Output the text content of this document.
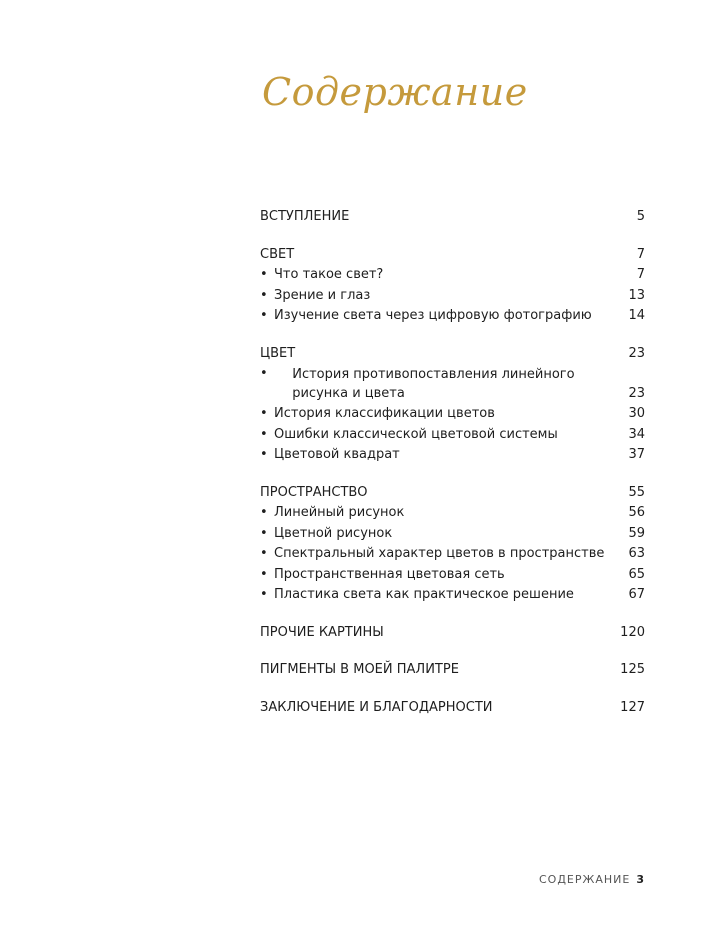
Содержание
ВСТУПЛЕНИЕ	5
СВЕТ	7
• Что такое свет?	7
• Зрение и глаз	13
• Изучение света через цифровую фотографию	14
ЦВЕТ	23
•	История противопоставления линейного рисунка и цвета	23
• История классификации цветов	30
• Ошибки классической цветовой системы	34
• Цветовой квадрат	37
ПРОСТРАНСТВО	55
• Линейный рисунок	56
• Цветной рисунок	59
• Спектральный характер цветов в пространстве	63
• Пространственная цветовая сеть	65
• Пластика света как практическое решение	67
ПРОЧИЕ КАРТИНЫ	120
ПИГМЕНТЫ В МОЕЙ ПАЛИТРЕ	125
ЗАКЛЮЧЕНИЕ И БЛАГОДАРНОСТИ	127
СОДЕРЖАНИЕ 3
